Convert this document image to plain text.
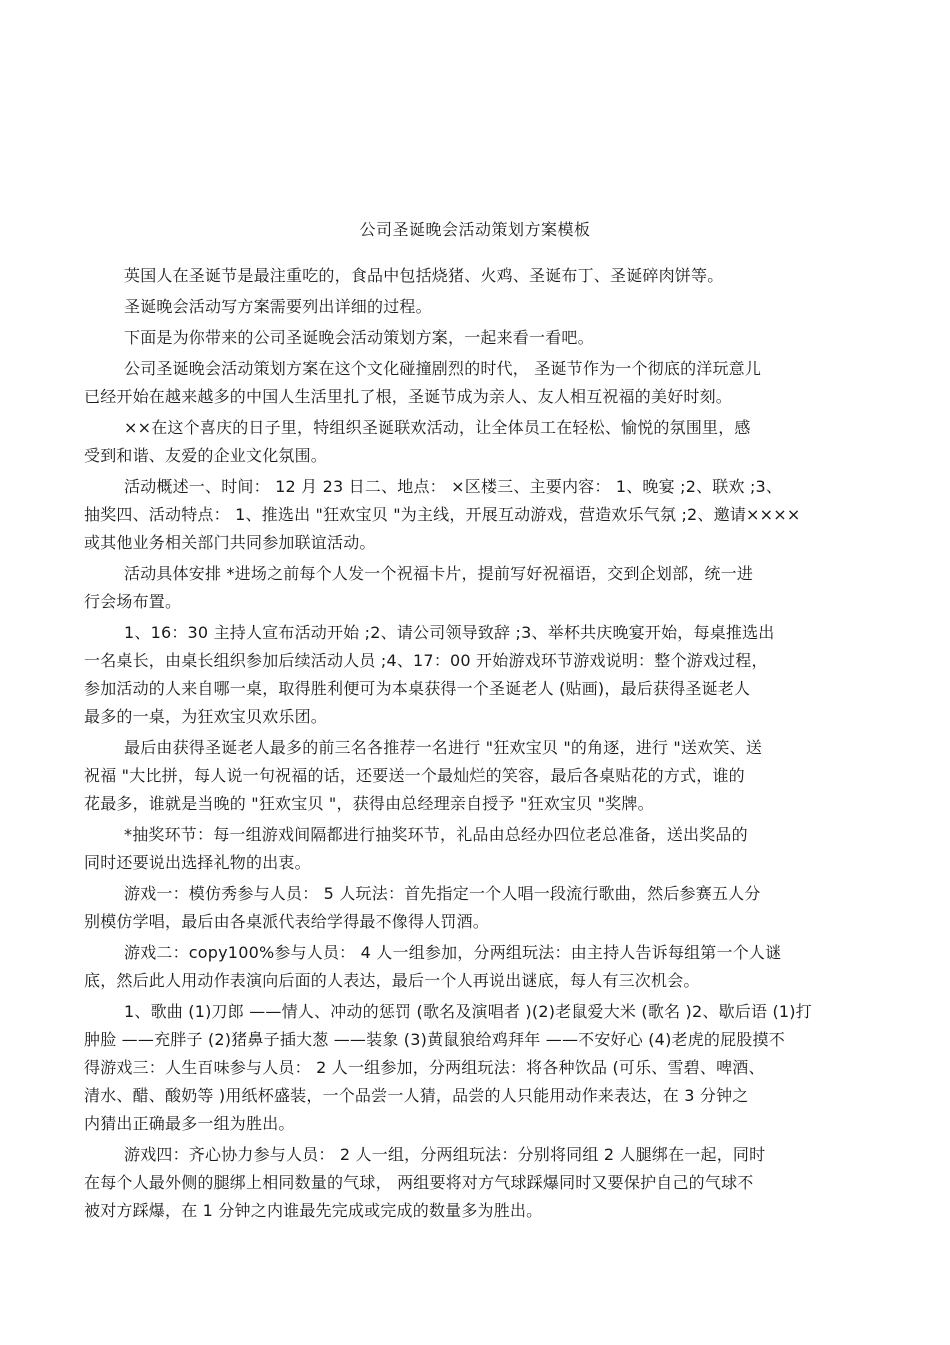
公司圣诞晚会活动策划方案模板
英国人在圣诞节是最注重吃的，食品中包括烧猪、火鸡、圣诞布丁、圣诞碎肉饼等。
圣诞晚会活动写方案需要列出详细的过程。
下面是为你带来的公司圣诞晚会活动策划方案，一起来看一看吧。
公司圣诞晚会活动策划方案在这个文化碰撞剧烈的时代， 圣诞节作为一个彻底的洋玩意儿
已经开始在越来越多的中国人生活里扎了根，圣诞节成为亲人、友人相互祝福的美好时刻。
××在这个喜庆的日子里，特组织圣诞联欢活动，让全体员工在轻松、愉悦的氛围里，感
受到和谐、友爱的企业文化氛围。
活动概述一、时间： 12 月 23 日二、地点： ×区楼三、主要内容： 1、晚宴 ;2、联欢 ;3、
抽奖四、活动特点： 1、推选出 "狂欢宝贝 "为主线，开展互动游戏，营造欢乐气氛 ;2、邀请××××
或其他业务相关部门共同参加联谊活动。
活动具体安排 *进场之前每个人发一个祝福卡片，提前写好祝福语，交到企划部，统一进
行会场布置。
1、16：30 主持人宣布活动开始 ;2、请公司领导致辞 ;3、举杯共庆晚宴开始，每桌推选出
一名桌长，由桌长组织参加后续活动人员 ;4、17：00 开始游戏环节游戏说明：整个游戏过程，
参加活动的人来自哪一桌，取得胜利便可为本桌获得一个圣诞老人 (贴画)，最后获得圣诞老人
最多的一桌，为狂欢宝贝欢乐团。
最后由获得圣诞老人最多的前三名各推荐一名进行 "狂欢宝贝 "的角逐，进行 "送欢笑、送
祝福 "大比拼，每人说一句祝福的话，还要送一个最灿烂的笑容，最后各桌贴花的方式，谁的
花最多，谁就是当晚的 "狂欢宝贝 "，获得由总经理亲自授予 "狂欢宝贝 "奖牌。
*抽奖环节：每一组游戏间隔都进行抽奖环节，礼品由总经办四位老总准备，送出奖品的
同时还要说出选择礼物的出衷。
游戏一：模仿秀参与人员： 5 人玩法：首先指定一个人唱一段流行歌曲，然后参赛五人分
别模仿学唱，最后由各桌派代表给学得最不像得人罚酒。
游戏二：copy100%参与人员： 4 人一组参加，分两组玩法：由主持人告诉每组第一个人谜
底，然后此人用动作表演向后面的人表达，最后一个人再说出谜底，每人有三次机会。
1、歌曲 (1)刀郎 ——情人、冲动的惩罚 (歌名及演唱者 )(2)老鼠爱大米 (歌名 )2、歇后语 (1)打
肿脸 ——充胖子 (2)猪鼻子插大葱 ——装象 (3)黄鼠狼给鸡拜年 ——不安好心 (4)老虎的屁股摸不
得游戏三：人生百味参与人员： 2 人一组参加，分两组玩法：将各种饮品 (可乐、雪碧、啤酒、
清水、醋、酸奶等 )用纸杯盛装，一个品尝一人猜，品尝的人只能用动作来表达，在 3 分钟之
内猜出正确最多一组为胜出。
游戏四：齐心协力参与人员： 2 人一组，分两组玩法：分别将同组 2 人腿绑在一起，同时
在每个人最外侧的腿绑上相同数量的气球， 两组要将对方气球踩爆同时又要保护自己的气球不
被对方踩爆，在 1 分钟之内谁最先完成或完成的数量多为胜出。
